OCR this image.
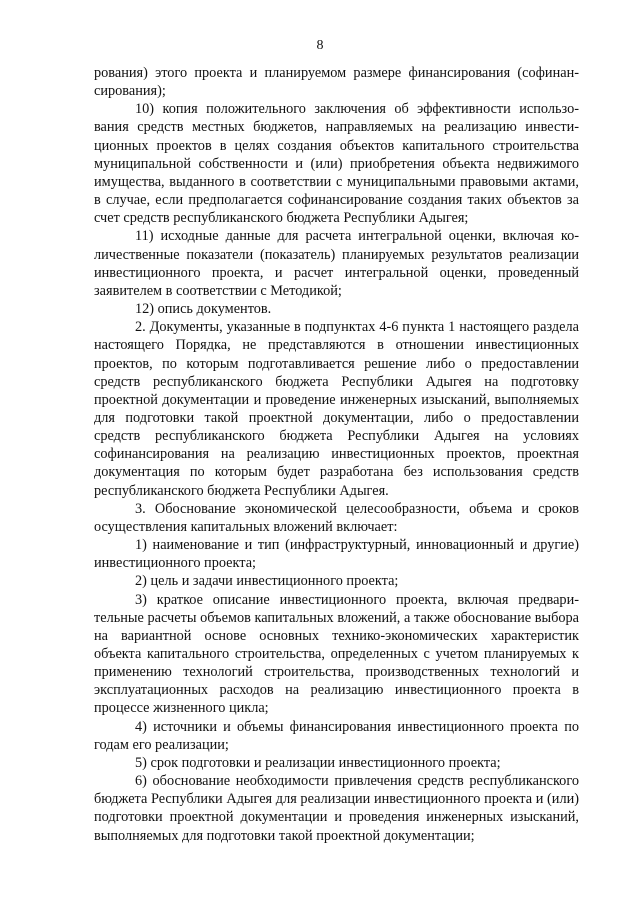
8

рования) этого проекта и планируемом размере финансирования (софинансирования);

10) копия положительного заключения об эффективности использования средств местных бюджетов, направляемых на реализацию инвестиционных проектов в целях создания объектов капитального строительства муниципальной собственности и (или) приобретения объекта недвижимого имущества, выданного в соответствии с муниципальными правовыми актами, в случае, если предполагается софинансирование создания таких объектов за счет средств республиканского бюджета Республики Адыгея;

11) исходные данные для расчета интегральной оценки, включая количественные показатели (показатель) планируемых результатов реализации инвестиционного проекта, и расчет интегральной оценки, проведенный заявителем в соответствии с Методикой;

12) опись документов.

2. Документы, указанные в подпунктах 4-6 пункта 1 настоящего раздела настоящего Порядка, не представляются в отношении инвестиционных проектов, по которым подготавливается решение либо о предоставлении средств республиканского бюджета Республики Адыгея на подготовку проектной документации и проведение инженерных изысканий, выполняемых для подготовки такой проектной документации, либо о предоставлении средств республиканского бюджета Республики Адыгея на условиях софинансирования на реализацию инвестиционных проектов, проектная документация по которым будет разработана без использования средств республиканского бюджета Республики Адыгея.

3. Обоснование экономической целесообразности, объема и сроков осуществления капитальных вложений включает:

1) наименование и тип (инфраструктурный, инновационный и другие) инвестиционного проекта;

2) цель и задачи инвестиционного проекта;

3) краткое описание инвестиционного проекта, включая предварительные расчеты объемов капитальных вложений, а также обоснование выбора на вариантной основе основных технико-экономических характеристик объекта капитального строительства, определенных с учетом планируемых к применению технологий строительства, производственных технологий и эксплуатационных расходов на реализацию инвестиционного проекта в процессе жизненного цикла;

4) источники и объемы финансирования инвестиционного проекта по годам его реализации;

5) срок подготовки и реализации инвестиционного проекта;

6) обоснование необходимости привлечения средств республиканского бюджета Республики Адыгея для реализации инвестиционного проекта и (или) подготовки проектной документации и проведения инженерных изысканий, выполняемых для подготовки такой проектной документации;
